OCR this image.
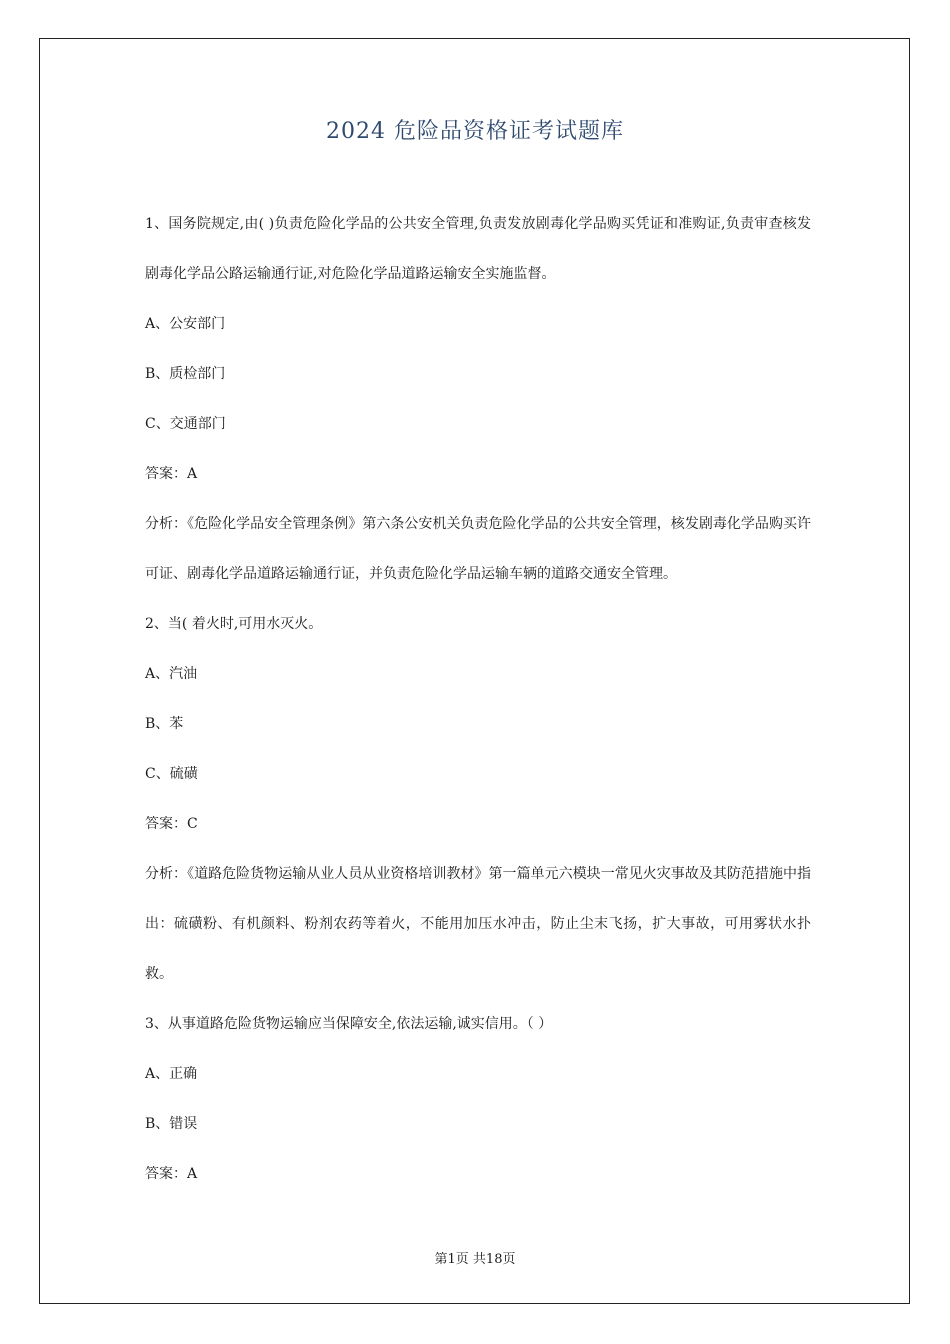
2024 危险品资格证考试题库

1、国务院规定,由( )负责危险化学品的公共安全管理,负责发放剧毒化学品购买凭证和准购证,负责审查核发剧毒化学品公路运输通行证,对危险化学品道路运输安全实施监督。

A、公安部门

B、质检部门

C、交通部门

答案：A

分析：《危险化学品安全管理条例》第六条公安机关负责危险化学品的公共安全管理，核发剧毒化学品购买许可证、剧毒化学品道路运输通行证，并负责危险化学品运输车辆的道路交通安全管理。

2、当( 着火时,可用水灭火。

A、汽油

B、苯

C、硫磺

答案：C

分析：《道路危险货物运输从业人员从业资格培训教材》第一篇单元六模块一常见火灾事故及其防范措施中指出：硫磺粉、有机颜料、粉剂农药等着火，不能用加压水冲击，防止尘末飞扬，扩大事故，可用雾状水扑救。

3、从事道路危险货物运输应当保障安全,依法运输,诚实信用。（ ）

A、正确

B、错误

答案：A

第1页 共18页
